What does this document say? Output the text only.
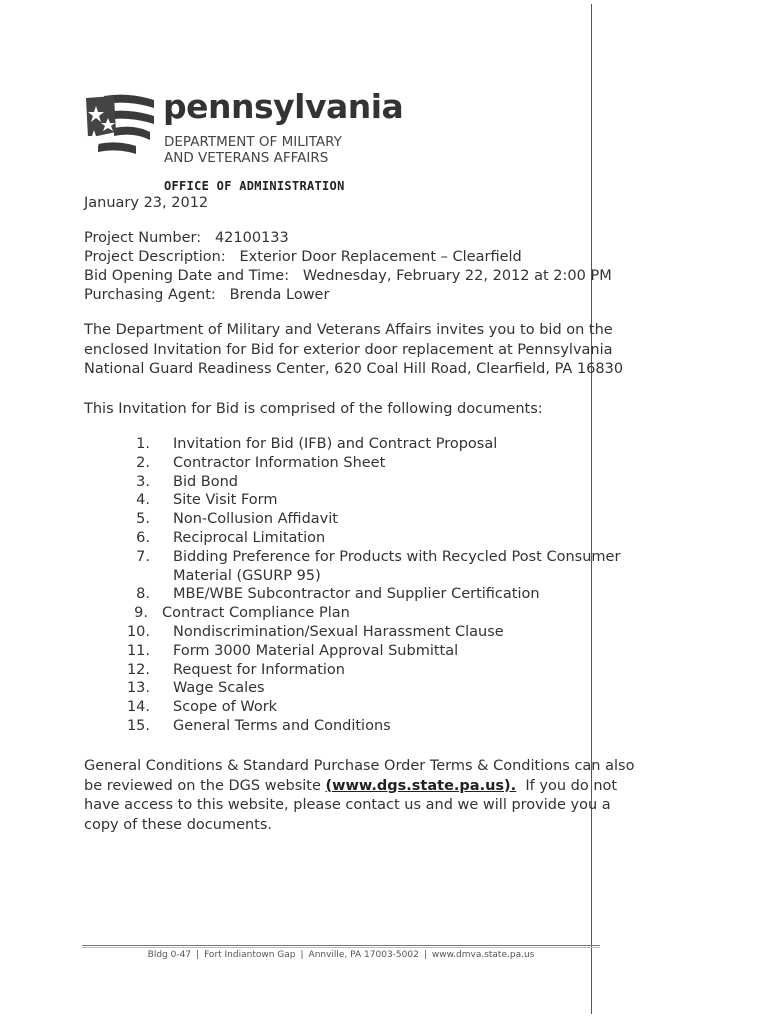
pennsylvania
DEPARTMENT OF MILITARY
AND VETERANS AFFAIRS
OFFICE OF ADMINISTRATION
January 23, 2012
Project Number: 42100133
Project Description: Exterior Door Replacement – Clearfield
Bid Opening Date and Time: Wednesday, February 22, 2012 at 2:00 PM
Purchasing Agent: Brenda Lower
The Department of Military and Veterans Affairs invites you to bid on the
enclosed Invitation for Bid for exterior door replacement at Pennsylvania
National Guard Readiness Center, 620 Coal Hill Road, Clearfield, PA 16830
This Invitation for Bid is comprised of the following documents:
1. Invitation for Bid (IFB) and Contract Proposal
2. Contractor Information Sheet
3. Bid Bond
4. Site Visit Form
5. Non-Collusion Affidavit
6. Reciprocal Limitation
7. Bidding Preference for Products with Recycled Post Consumer
Material (GSURP 95)
8. MBE/WBE Subcontractor and Supplier Certification
9. Contract Compliance Plan
10. Nondiscrimination/Sexual Harassment Clause
11. Form 3000 Material Approval Submittal
12. Request for Information
13. Wage Scales
14. Scope of Work
15. General Terms and Conditions
General Conditions & Standard Purchase Order Terms & Conditions can also
be reviewed on the DGS website (www.dgs.state.pa.us).  If you do not
have access to this website, please contact us and we will provide you a
copy of these documents.
Bldg 0-47 | Fort Indiantown Gap | Annville, PA 17003-5002 | www.dmva.state.pa.us
